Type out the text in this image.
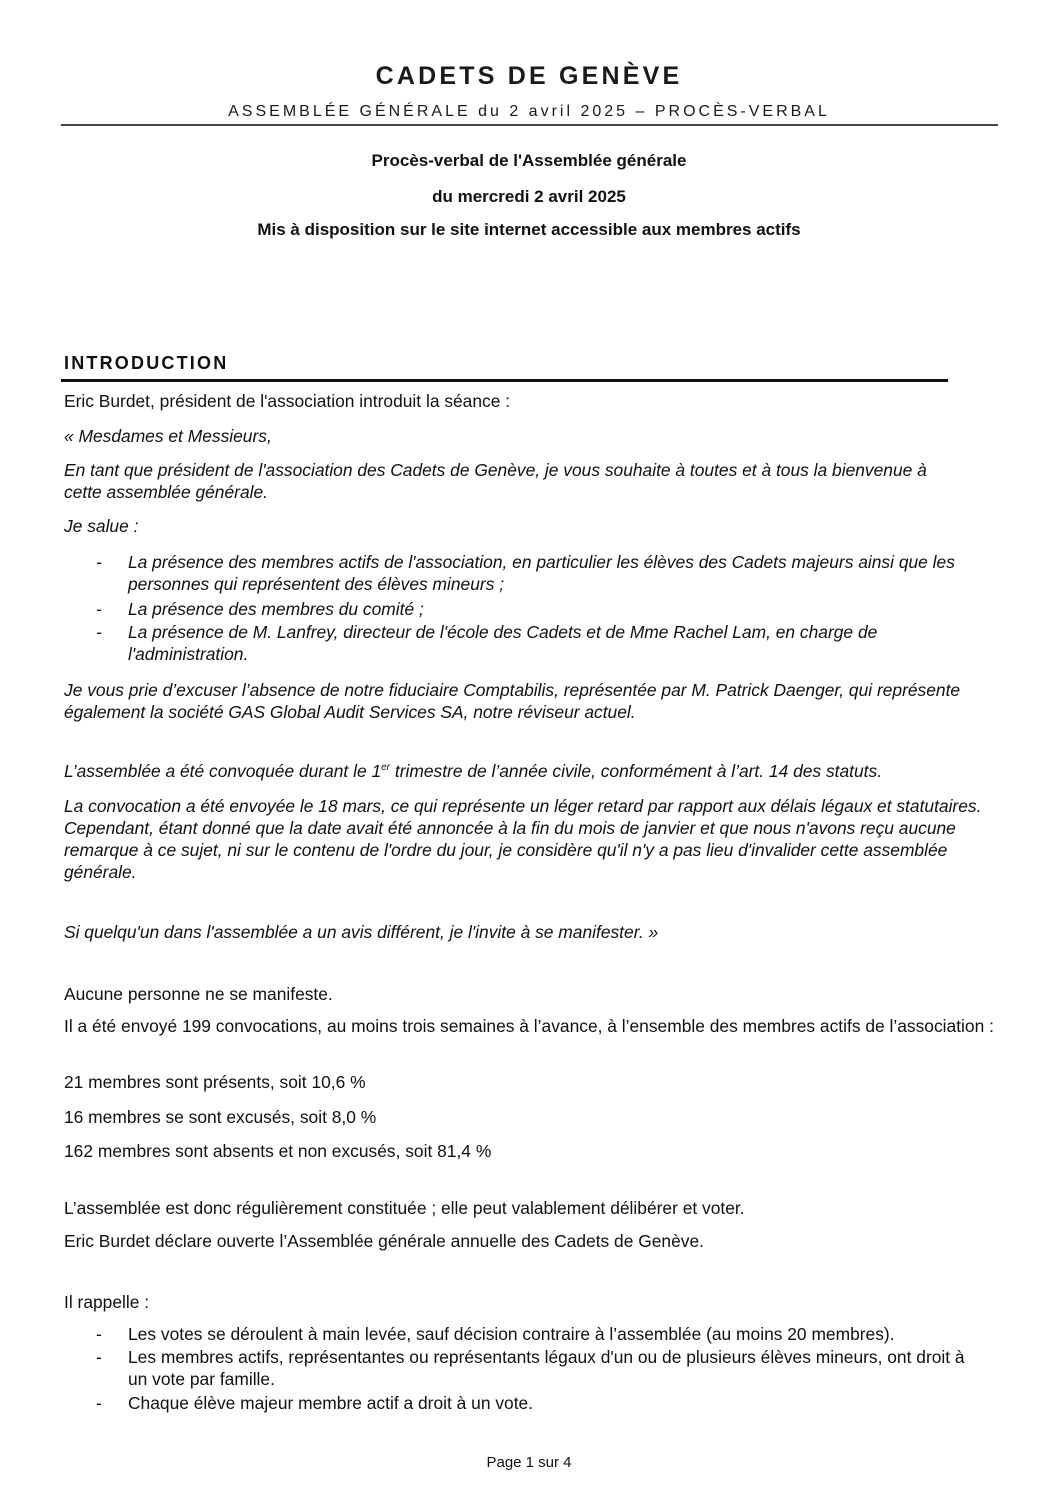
CADETS DE GENÈVE
ASSEMBLÉE GÉNÉRALE du 2 avril 2025 – PROCÈS-VERBAL
Procès-verbal de l'Assemblée générale
du mercredi 2 avril 2025
Mis à disposition sur le site internet accessible aux membres actifs
INTRODUCTION
Eric Burdet, président de l'association introduit la séance :
« Mesdames et Messieurs,
En tant que président de l'association des Cadets de Genève, je vous souhaite à toutes et à tous la bienvenue à cette assemblée générale.
Je salue :
-	La présence des membres actifs de l'association, en particulier les élèves des Cadets majeurs ainsi que les personnes qui représentent des élèves mineurs ;
-	La présence des membres du comité ;
-	La présence de M. Lanfrey, directeur de l'école des Cadets et de Mme Rachel Lam, en charge de l'administration.
Je vous prie d’excuser l’absence de notre fiduciaire Comptabilis, représentée par M. Patrick Daenger, qui représente également la société GAS Global Audit Services SA, notre réviseur actuel.
L’assemblée a été convoquée durant le 1er trimestre de l’année civile, conformément à l’art. 14 des statuts.
La convocation a été envoyée le 18 mars, ce qui représente un léger retard par rapport aux délais légaux et statutaires. Cependant, étant donné que la date avait été annoncée à la fin du mois de janvier et que nous n'avons reçu aucune remarque à ce sujet, ni sur le contenu de l'ordre du jour, je considère qu'il n'y a pas lieu d'invalider cette assemblée générale.
Si quelqu'un dans l'assemblée a un avis différent, je l'invite à se manifester. »
Aucune personne ne se manifeste.
Il a été envoyé 199 convocations, au moins trois semaines à l’avance, à l’ensemble des membres actifs de l’association :
21 membres sont présents, soit 10,6 %
16 membres se sont excusés, soit 8,0 %
162 membres sont absents et non excusés, soit 81,4 %
L’assemblée est donc régulièrement constituée ; elle peut valablement délibérer et voter.
Eric Burdet déclare ouverte l’Assemblée générale annuelle des Cadets de Genève.
Il rappelle :
-	Les votes se déroulent à main levée, sauf décision contraire à l’assemblée (au moins 20 membres).
-	Les membres actifs, représentantes ou représentants légaux d'un ou de plusieurs élèves mineurs, ont droit à un vote par famille.
-	Chaque élève majeur membre actif a droit à un vote.
Page 1 sur 4
